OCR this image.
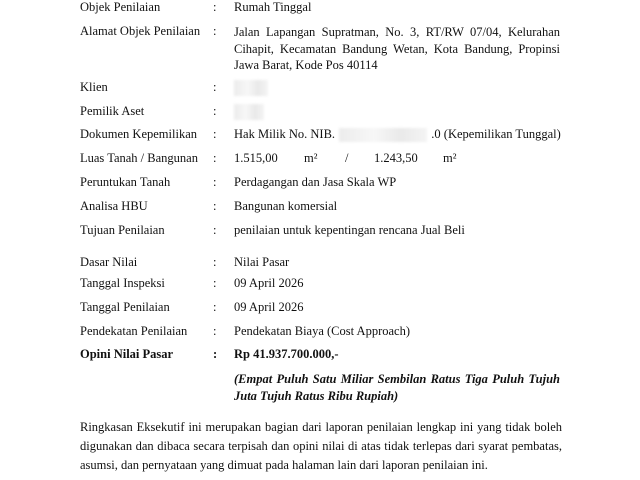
Objek Penilaian	: Rumah Tinggal
Alamat Objek Penilaian : Jalan Lapangan Supratman, No. 3, RT/RW 07/04, Kelurahan Cihapit, Kecamatan Bandung Wetan, Kota Bandung, Propinsi Jawa Barat, Kode Pos 40114
Klien	:
Pemilik Aset	:
Dokumen Kepemilikan : Hak Milik No. NIB.	.0 (Kepemilikan Tunggal)
Luas Tanah / Bangunan : 1.515,00 m² / 1.243,50 m²
Peruntukan Tanah	: Perdagangan dan Jasa Skala WP
Analisa HBU	: Bangunan komersial
Tujuan Penilaian	: penilaian untuk kepentingan rencana Jual Beli
Dasar Nilai	: Nilai Pasar
Tanggal Inspeksi	: 09 April 2026
Tanggal Penilaian	: 09 April 2026
Pendekatan Penilaian : Pendekatan Biaya (Cost Approach)
Opini Nilai Pasar	: Rp 41.937.700.000,-
(Empat Puluh Satu Miliar Sembilan Ratus Tiga Puluh Tujuh Juta Tujuh Ratus Ribu Rupiah)
Ringkasan Eksekutif ini merupakan bagian dari laporan penilaian lengkap ini yang tidak boleh digunakan dan dibaca secara terpisah dan opini nilai di atas tidak terlepas dari syarat pembatas, asumsi, dan pernyataan yang dimuat pada halaman lain dari laporan penilaian ini.
